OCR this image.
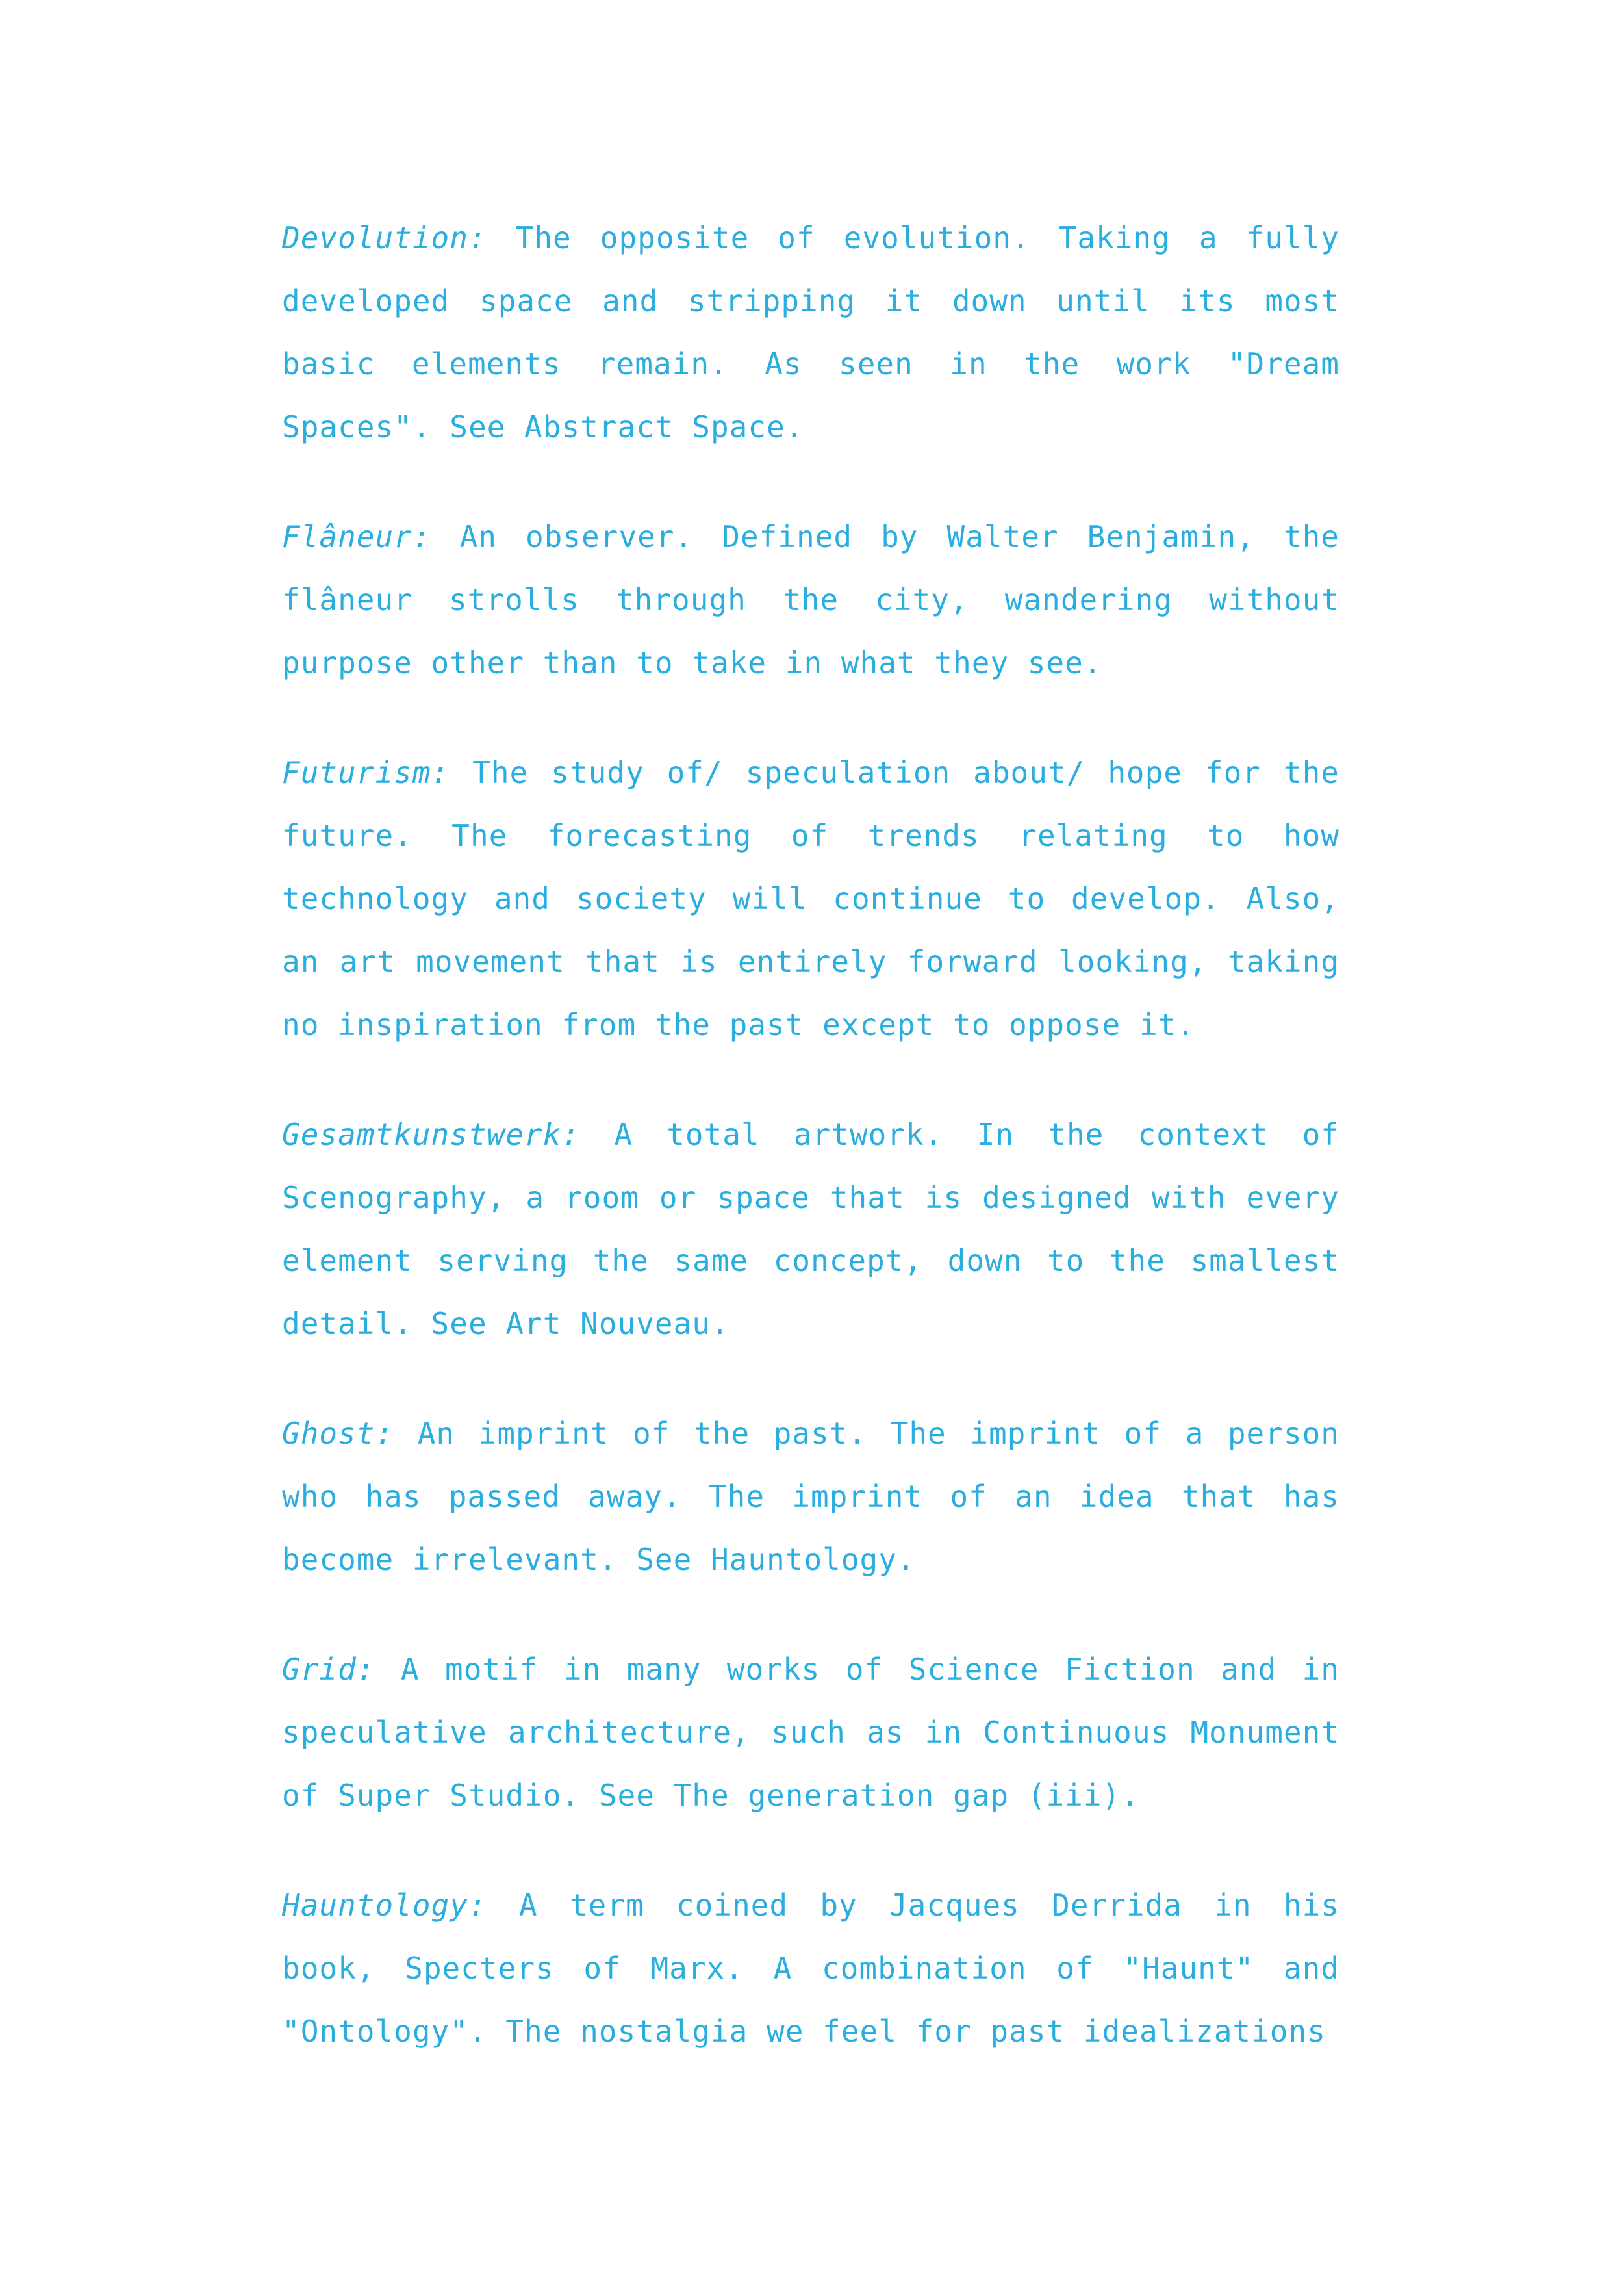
Devolution: The opposite of evolution. Taking a fully developed space and stripping it down until its most basic elements remain. As seen in the work "Dream Spaces". See Abstract Space.

Flâneur: An observer. Defined by Walter Benjamin, the flâneur strolls through the city, wandering without purpose other than to take in what they see.

Futurism: The study of/ speculation about/ hope for the future. The forecasting of trends relating to how technology and society will continue to develop. Also, an art movement that is entirely forward looking, taking no inspiration from the past except to oppose it.

Gesamtkunstwerk: A total artwork. In the context of Scenography, a room or space that is designed with every element serving the same concept, down to the smallest detail. See Art Nouveau.

Ghost: An imprint of the past. The imprint of a person who has passed away. The imprint of an idea that has become irrelevant. See Hauntology.

Grid: A motif in many works of Science Fiction and in speculative architecture, such as in Continuous Monument of Super Studio. See The generation gap (iii).

Hauntology: A term coined by Jacques Derrida in his book, Specters of Marx. A combination of "Haunt" and "Ontology". The nostalgia we feel for past idealizations
